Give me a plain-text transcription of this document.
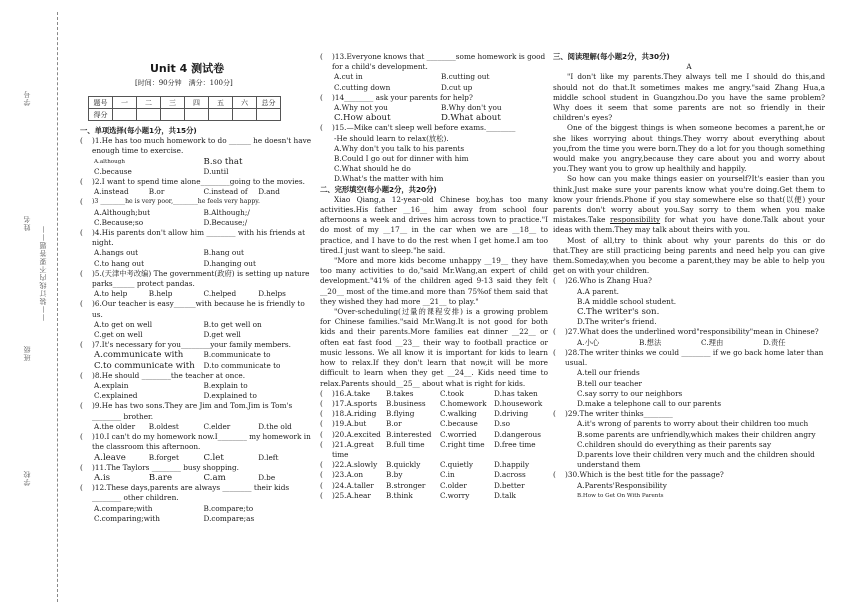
学校
班级
姓名
学号
——装订线内不要答题——
Unit 4 测试卷
[时间：90分钟　满分：100分]
题号	一	二	三	四	五	六	总分
得分							
一、单项选择(每小题1分，共15分)
(	)1.He has too much homework to do ______ he doesn't have enough time to exercise.
A.although	B.so that
C.because	D.until
(	)2.I want to spend time alone________going to the movies.
A.instead	B.or	C.instead of	D.and
(	)3 ________he is very poor,________he feels very happy.
A.Although;but	B.Although;/
C.Because;so	D.Because;/
(	)4.His parents don't allow him ________ with his friends at night.
A.hangs out	B.hang out
C.to hang out	D.hanging out
(	)5.(天津中考改编) The government(政府) is setting up nature parks______ protect pandas.
A.to help	B.help	C.helped	D.helps
(	)6.Our teacher is easy______with because he is friendly to us.
A.to get on well	B.to get well on
C.get on well	D.get well
(	)7.It's necessary for you________your family members.
A.communicate with	B.communicate to
C.to communicate with	D.to communicate to
(	)8.He should ________the teacher at once.
A.explain	B.explain to
C.explained	D.explained to
(	)9.He has two sons.They are Jim and Tom.Jim is Tom's ________ brother.
A.the older	B.oldest	C.elder	D.the old
(	)10.I can't do my homework now.I________ my homework in the classroom this afternoon.
A.leave	B.forget	C.let	D.left
(	)11.The Taylors ________ busy shopping.
A.is	B.are	C.am	D.be
(	)12.These days,parents are always ________ their kids ________ other children.
A.compare;with	B.compare;to
C.comparing;with	D.compare;as
(	)13.Everyone knows that ________some homework is good for a child's development.
A.cut in	B.cutting out
C.cutting down	D.cut up
(	)14________ ask your parents for help?
A.Why not you	B.Why don't you
C.How about	D.What about
(	)15.—Mike can't sleep well before exams.________
-He should learn to relax(放松).
A.Why don't you talk to his parents
B.Could I go out for dinner with him
C.What should he do
D.What's the matter with him
二、完形填空(每小题2分，共20分)

Xiao Qiang,a 12-year-old Chinese boy,has too many activities.His father __16__ him away from school four afternoons a week and drives him across town to practice."I do most of my __17__ in the car when we are __18__ to practice, and I have to do the rest when I get home.I am too tired.I just want to sleep."he said.

"More and more kids become unhappy __19__ they have too many activities to do,"said Mr.Wang,an expert of child development."41% of the children aged 9-13 said they felt __20__ most of the time.and more than 75%of them said that they wished they had more __21__ to play."

"Over-scheduling(过量的课程安排) is a growing problem for Chinese families."said Mr.Wang.It is not good for both kids and their parents.More families eat dinner __22__ or often eat fast food __23__ their way to football practice or music lessons. We all know it is important for kids to learn how to relax.If they don't learn that now,it will be more difficult to learn when they get __24__. Kids need time to relax.Parents should__25__ about what is right for kids.

(	)16.A.take	B.takes	C.took	D.has taken
(	)17.A.sports	B.business	C.homework	D.housework
(	)18.A.riding	B.flying	C.walking	D.driving
(	)19.A.but	B.or	C.because	D.so
(	)20.A.excited B.interested	C.worried	D.dangerous
(	)21.A.great time
B.full time	C.right time	D.free time
(	)22.A.slowly	B.quickly	C.quietly	D.happily
(	)23.A.on	B.by	C.in	D.across
(	)24.A.taller	B.stronger	C.older	D.better
(	)25.A.hear	B.think	C.worry	D.talk
三、阅读理解(每小题2分，共30分)
A

"I don't like my parents.They always tell me I should do this,and should not do that.It sometimes makes me angry."said Zhang Hua,a middle school student in Guangzhou.Do you have the same problem?Why does it seem that some parents are not so friendly in their children's eyes?

One of the biggest things is when someone becomes a parent,he or she likes worrying about things.They worry about everything about you,from the time you were born.They do a lot for you though something would make you angry,because they care about you and worry about you.They want you to grow up healthily and happily.

So how can you make things easier on yourself?It's easier than you think.Just make sure your parents know what you're doing.Get them to know your friends.Phone if you stay somewhere else so that(以便) your parents don't worry about you.Say sorry to them when you make mistakes.Take responsibility for what you have done.Talk about your ideas with them.They may talk about theirs with you.

Most of all,try to think about why your parents do this or do that.They are still practicing being parents and need help you can give them.Someday,when you become a parent,they may be able to help you get on with your children.

(	)26.Who is Zhang Hua?
A.A parent.
B.A middle school student.
C.The writer's son.
D.The writer's friend.
(	)27.What does the underlined word"responsibility"mean in Chinese?
A.小心	B.想法	C.理由	D.责任
(	)28.The writer thinks we could ________ if we go back home later than usual.
A.tell our friends
B.tell our teacher
C.say sorry to our neighbors
D.make a telephone call to our parents
(	)29.The writer thinks________
A.it's wrong of parents to worry about their children too much
B.some parents are unfriendly,which makes their children angry
C.children should do everything as their parents say
D.parents love their children very much and the children should understand them
(	)30.Which is the best title for the passage?
A.Parents'Responsibility
B.How to Get On With Parents
